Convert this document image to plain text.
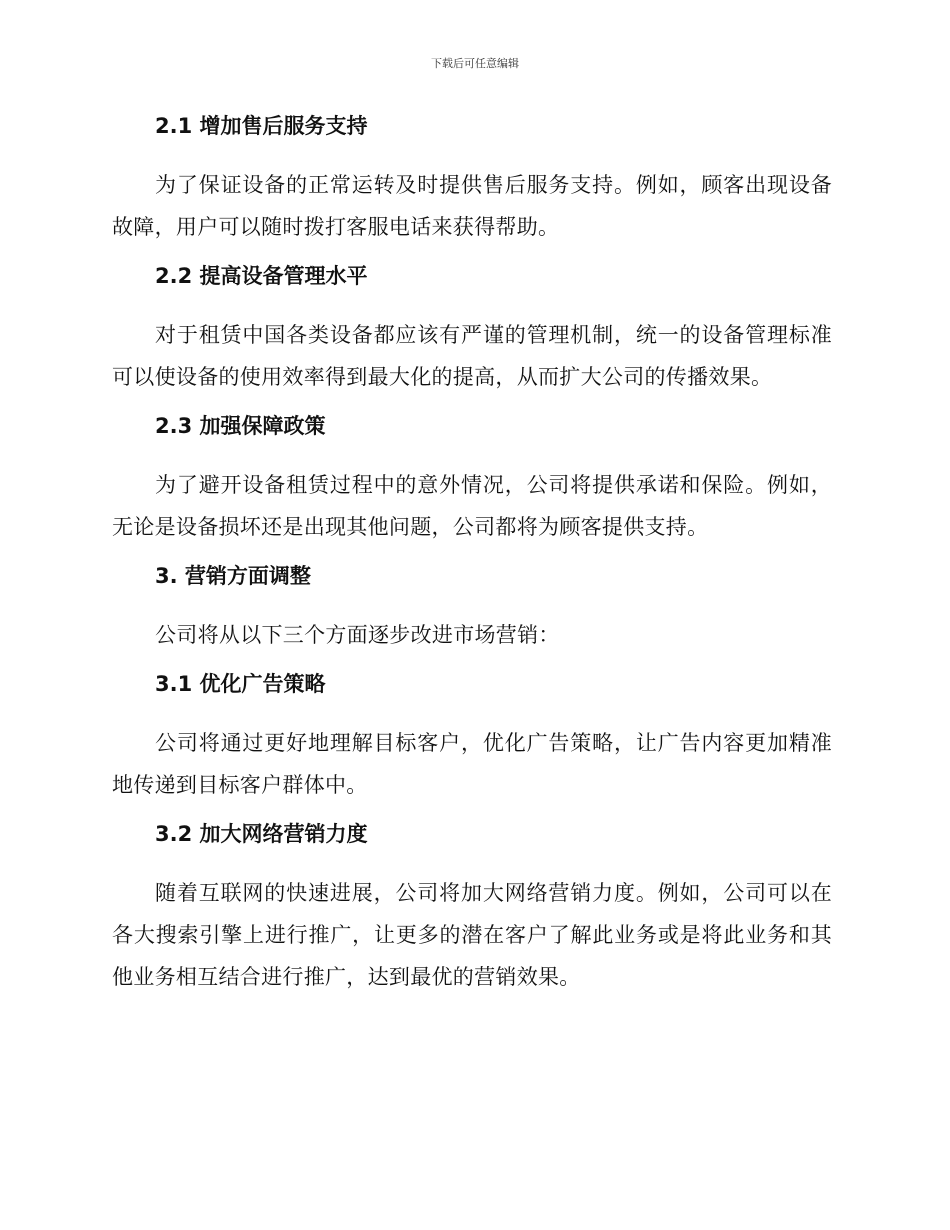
下载后可任意编辑
2.1 增加售后服务支持

为了保证设备的正常运转及时提供售后服务支持。例如，顾客出现设备故障，用户可以随时拨打客服电话来获得帮助。

2.2 提高设备管理水平

对于租赁中国各类设备都应该有严谨的管理机制，统一的设备管理标准可以使设备的使用效率得到最大化的提高，从而扩大公司的传播效果。

2.3 加强保障政策

为了避开设备租赁过程中的意外情况，公司将提供承诺和保险。例如，无论是设备损坏还是出现其他问题，公司都将为顾客提供支持。

3. 营销方面调整

公司将从以下三个方面逐步改进市场营销：

3.1 优化广告策略

公司将通过更好地理解目标客户，优化广告策略，让广告内容更加精准地传递到目标客户群体中。

3.2 加大网络营销力度

随着互联网的快速进展，公司将加大网络营销力度。例如，公司可以在各大搜索引擎上进行推广，让更多的潜在客户了解此业务或是将此业务和其他业务相互结合进行推广，达到最优的营销效果。
